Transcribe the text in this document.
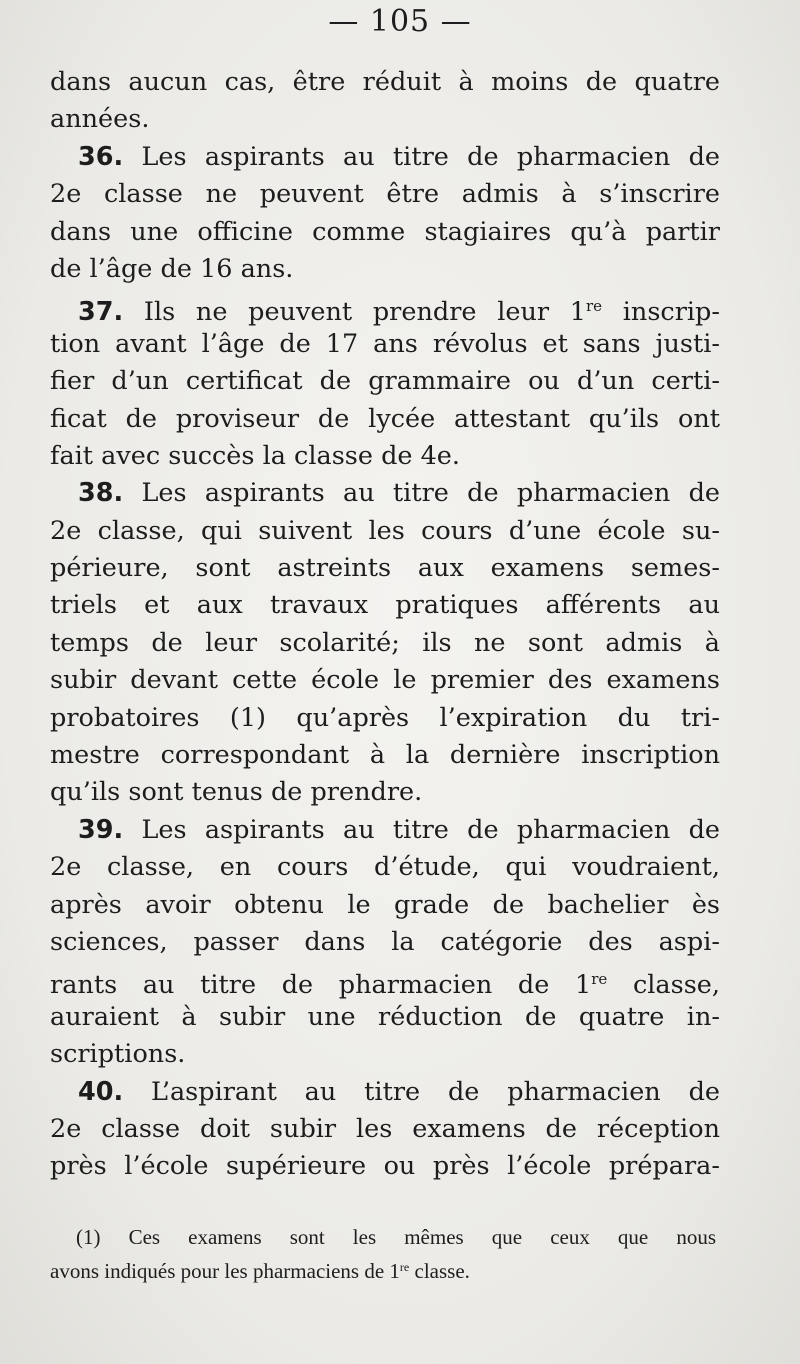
— 105 —
dans aucun cas, être réduit à moins de quatre
années.
36. Les aspirants au titre de pharmacien de
2e classe ne peuvent être admis à s’inscrire
dans une officine comme stagiaires qu’à partir
de l’âge de 16 ans.
37. Ils ne peuvent prendre leur 1re inscrip-
tion avant l’âge de 17 ans révolus et sans justi-
fier d’un certificat de grammaire ou d’un certi-
ficat de proviseur de lycée attestant qu’ils ont
fait avec succès la classe de 4e.
38. Les aspirants au titre de pharmacien de
2e classe, qui suivent les cours d’une école su-
périeure, sont astreints aux examens semes-
triels et aux travaux pratiques afférents au
temps de leur scolarité; ils ne sont admis à
subir devant cette école le premier des examens
probatoires (1) qu’après l’expiration du tri-
mestre correspondant à la dernière inscription
qu’ils sont tenus de prendre.
39. Les aspirants au titre de pharmacien de
2e classe, en cours d’étude, qui voudraient,
après avoir obtenu le grade de bachelier ès
sciences, passer dans la catégorie des aspi-
rants au titre de pharmacien de 1re classe,
auraient à subir une réduction de quatre in-
scriptions.
40. L’aspirant au titre de pharmacien de
2e classe doit subir les examens de réception
près l’école supérieure ou près l’école prépara-
(1) Ces examens sont les mêmes que ceux que nous
avons indiqués pour les pharmaciens de 1re classe.
